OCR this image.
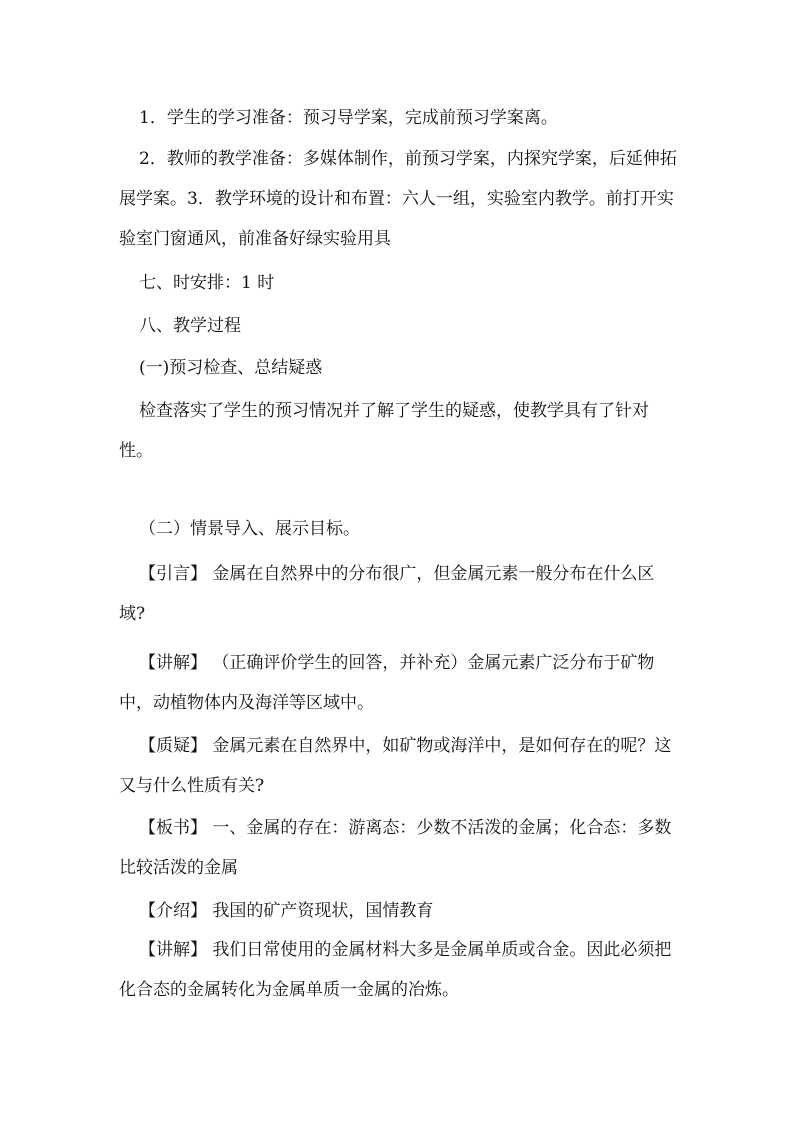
1．学生的学习准备：预习导学案，完成前预习学案离。

2．教师的教学准备：多媒体制作，前预习学案，内探究学案，后延伸拓展学案。3．教学环境的设计和布置：六人一组，实验室内教学。前打开实验室门窗通风，前准备好绿实验用具

七、时安排：1 时

八、教学过程

(一)预习检查、总结疑惑

检查落实了学生的预习情况并了解了学生的疑惑，使教学具有了针对性。

（二）情景导入、展示目标。

【引言】 金属在自然界中的分布很广，但金属元素一般分布在什么区域?

【讲解】 （正确评价学生的回答，并补充）金属元素广泛分布于矿物中，动植物体内及海洋等区域中。

【质疑】 金属元素在自然界中，如矿物或海洋中，是如何存在的呢？这又与什么性质有关?

【板书】 一、金属的存在：游离态：少数不活泼的金属；化合态：多数比较活泼的金属

【介绍】 我国的矿产资现状，国情教育

【讲解】 我们日常使用的金属材料大多是金属单质或合金。因此必须把化合态的金属转化为金属单质一金属的冶炼。
